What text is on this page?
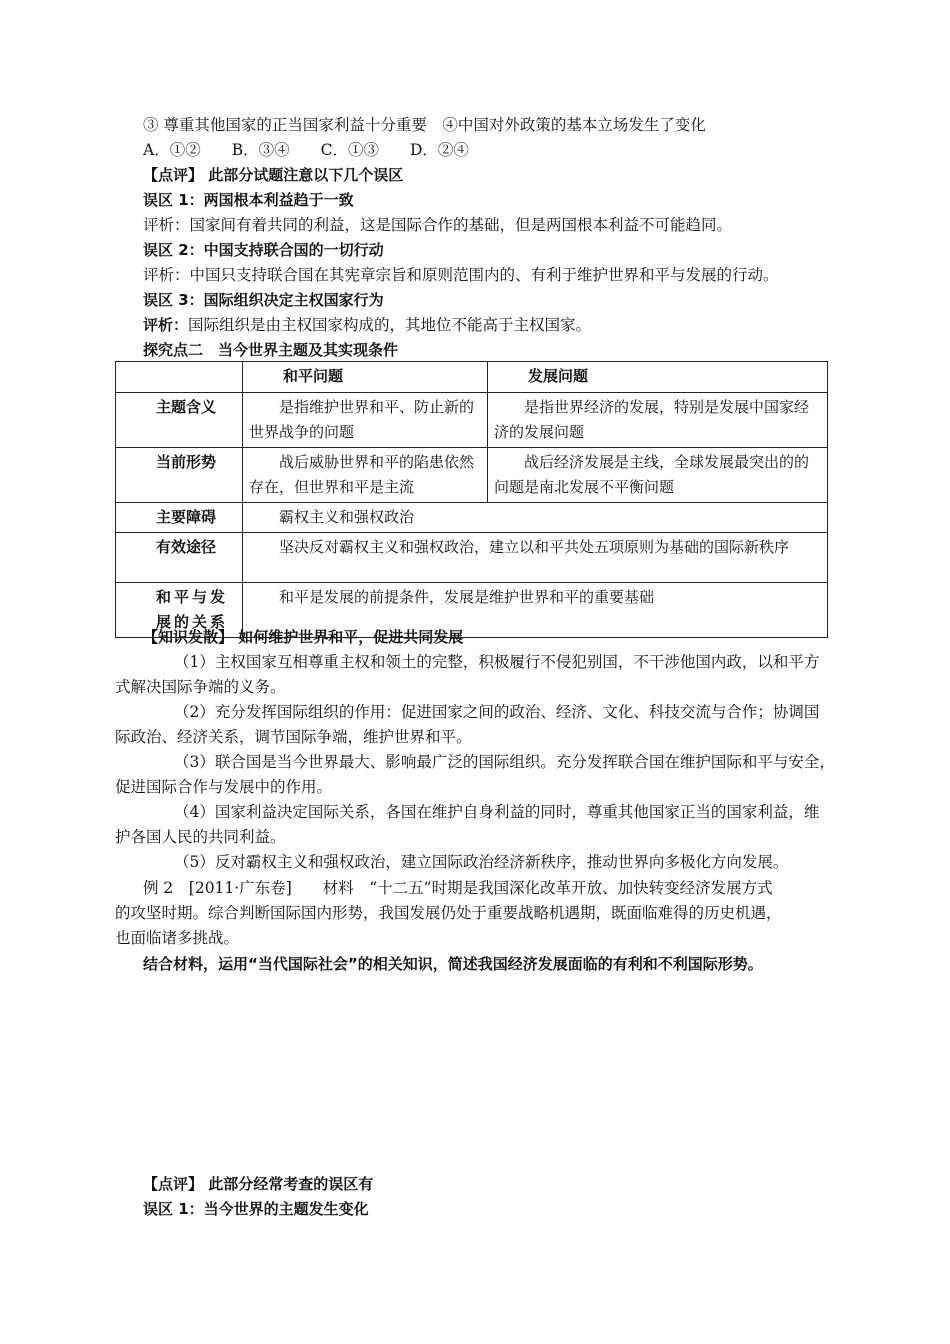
③ 尊重其他国家的正当国家利益十分重要　④中国对外政策的基本立场发生了变化
A．①②　　B．③④　　C．①③　　D．②④
【点评】 此部分试题注意以下几个误区
误区 1：两国根本利益趋于一致
评析：国家间有着共同的利益，这是国际合作的基础，但是两国根本利益不可能趋同。
误区 2：中国支持联合国的一切行动
评析：中国只支持联合国在其宪章宗旨和原则范围内的、有利于维护世界和平与发展的行动。
误区 3：国际组织决定主权国家行为
评析：国际组织是由主权国家构成的，其地位不能高于主权国家。
探究点二　当今世界主题及其实现条件
	和平问题	发展问题
主题含义	是指维护世界和平、防止新的世界战争的问题	是指世界经济的发展，特别是发展中国家经济的发展问题

当前形势	战后威胁世界和平的陷患依然存在，但世界和平是主流	战后经济发展是主线，全球发展最突出的的问题是南北发展不平衡问题

主要障碍	霸权主义和强权政治	

有效途径	坚决反对霸权主义和强权政治，建立以和平共处五项原则为基础的国际新秩序	

和平与发展的关系	和平是发展的前提条件，发展是维护世界和平的重要基础	
【知识发散】 如何维护世界和平，促进共同发展
（1）主权国家互相尊重主权和领土的完整，积极履行不侵犯别国，不干涉他国内政，以和平方
式解决国际争端的义务。
（2）充分发挥国际组织的作用：促进国家之间的政治、经济、文化、科技交流与合作；协调国
际政治、经济关系，调节国际争端，维护世界和平。
（3）联合国是当今世界最大、影响最广泛的国际组织。充分发挥联合国在维护国际和平与安全，
促进国际合作与发展中的作用。
（4）国家利益决定国际关系，各国在维护自身利益的同时，尊重其他国家正当的国家利益，维
护各国人民的共同利益。
（5）反对霸权主义和强权政治，建立国际政治经济新秩序，推动世界向多极化方向发展。
例 2　[2011·广东卷]　　材料　“十二五”时期是我国深化改革开放、加快转变经济发展方式
的攻坚时期。综合判断国际国内形势，我国发展仍处于重要战略机遇期，既面临难得的历史机遇，
也面临诸多挑战。
结合材料，运用“当代国际社会”的相关知识，简述我国经济发展面临的有利和不利国际形势。
【点评】 此部分经常考查的误区有
误区 1：当今世界的主题发生变化
